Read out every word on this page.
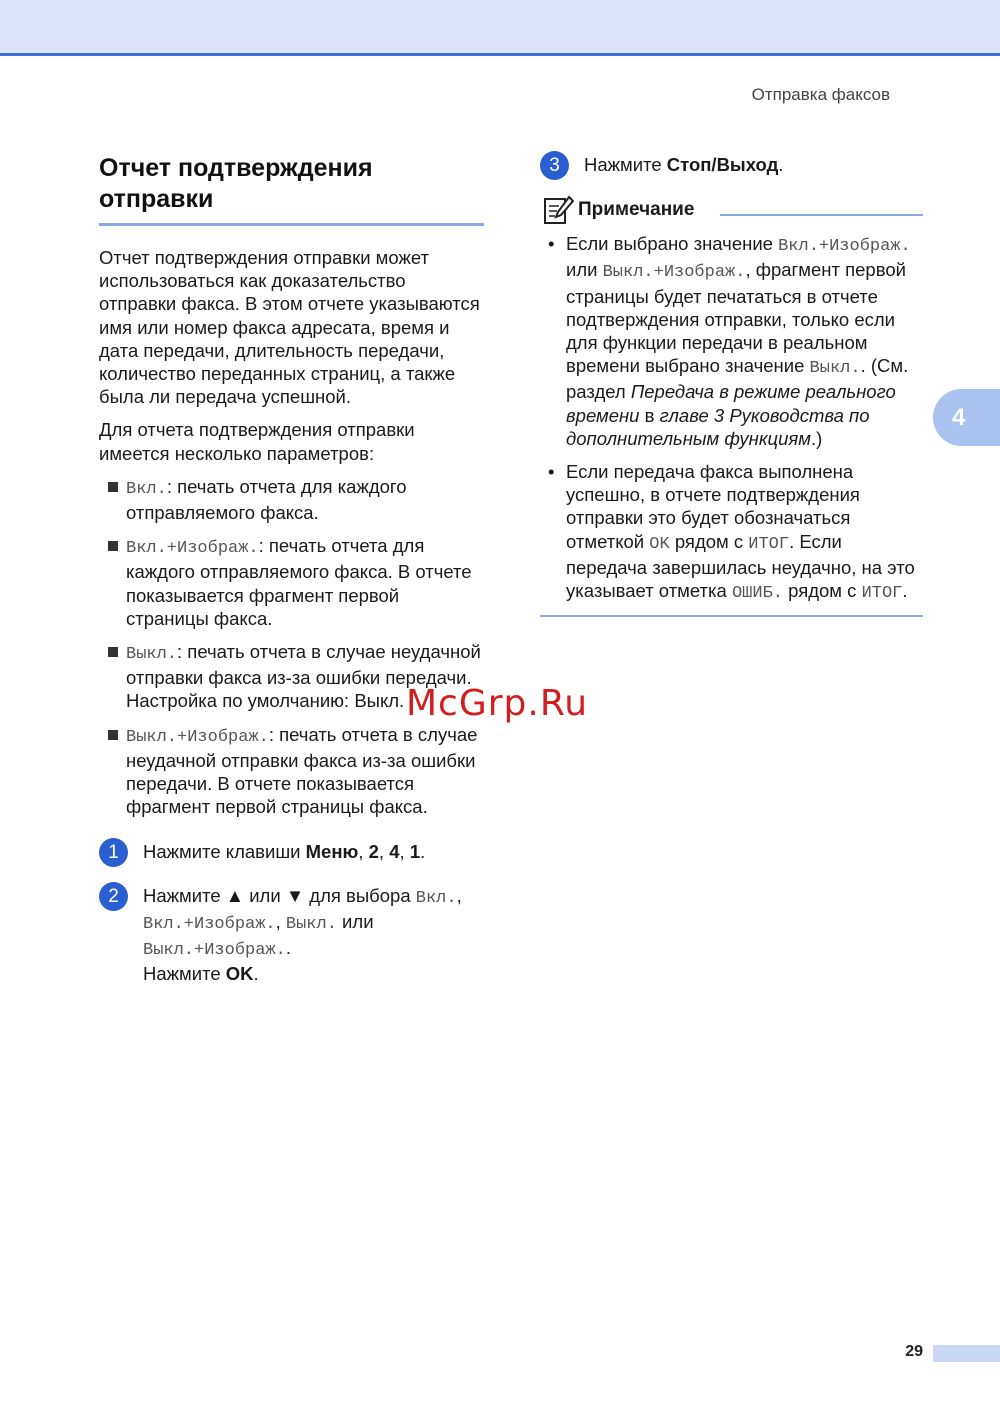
Отправка факсов
Отчет подтверждения отправки

Отчет подтверждения отправки может использоваться как доказательство отправки факса. В этом отчете указываются имя или номер факса адресата, время и дата передачи, длительность передачи, количество переданных страниц, а также была ли передача успешной.

Для отчета подтверждения отправки имеется несколько параметров:

Вкл.: печать отчета для каждого отправляемого факса.
Вкл.+Изображ.: печать отчета для каждого отправляемого факса. В отчете показывается фрагмент первой страницы факса.
Выкл.: печать отчета в случае неудачной отправки факса из-за ошибки передачи. Настройка по умолчанию: Выкл.
Выкл.+Изображ.: печать отчета в случае неудачной отправки факса из-за ошибки передачи. В отчете показывается фрагмент первой страницы факса.
1	Нажмите клавиши Меню, 2, 4, 1.
2	Нажмите ▲ или ▼ для выбора Вкл., Вкл.+Изображ., Выкл. или Выкл.+Изображ..
Нажмите OK.
3	Нажмите Стоп/Выход.
Примечание
• Если выбрано значение Вкл.+Изображ. или Выкл.+Изображ., фрагмент первой страницы будет печататься в отчете подтверждения отправки, только если для функции передачи в реальном времени выбрано значение Выкл.. (См. раздел Передача в режиме реального времени в главе 3 Руководства по дополнительным функциям.)
• Если передача факса выполнена успешно, в отчете подтверждения отправки это будет обозначаться отметкой OK рядом с ИТОГ. Если передача завершилась неудачно, на это указывает отметка ОШИБ. рядом с ИТОГ.
4
McGrp.Ru
29
